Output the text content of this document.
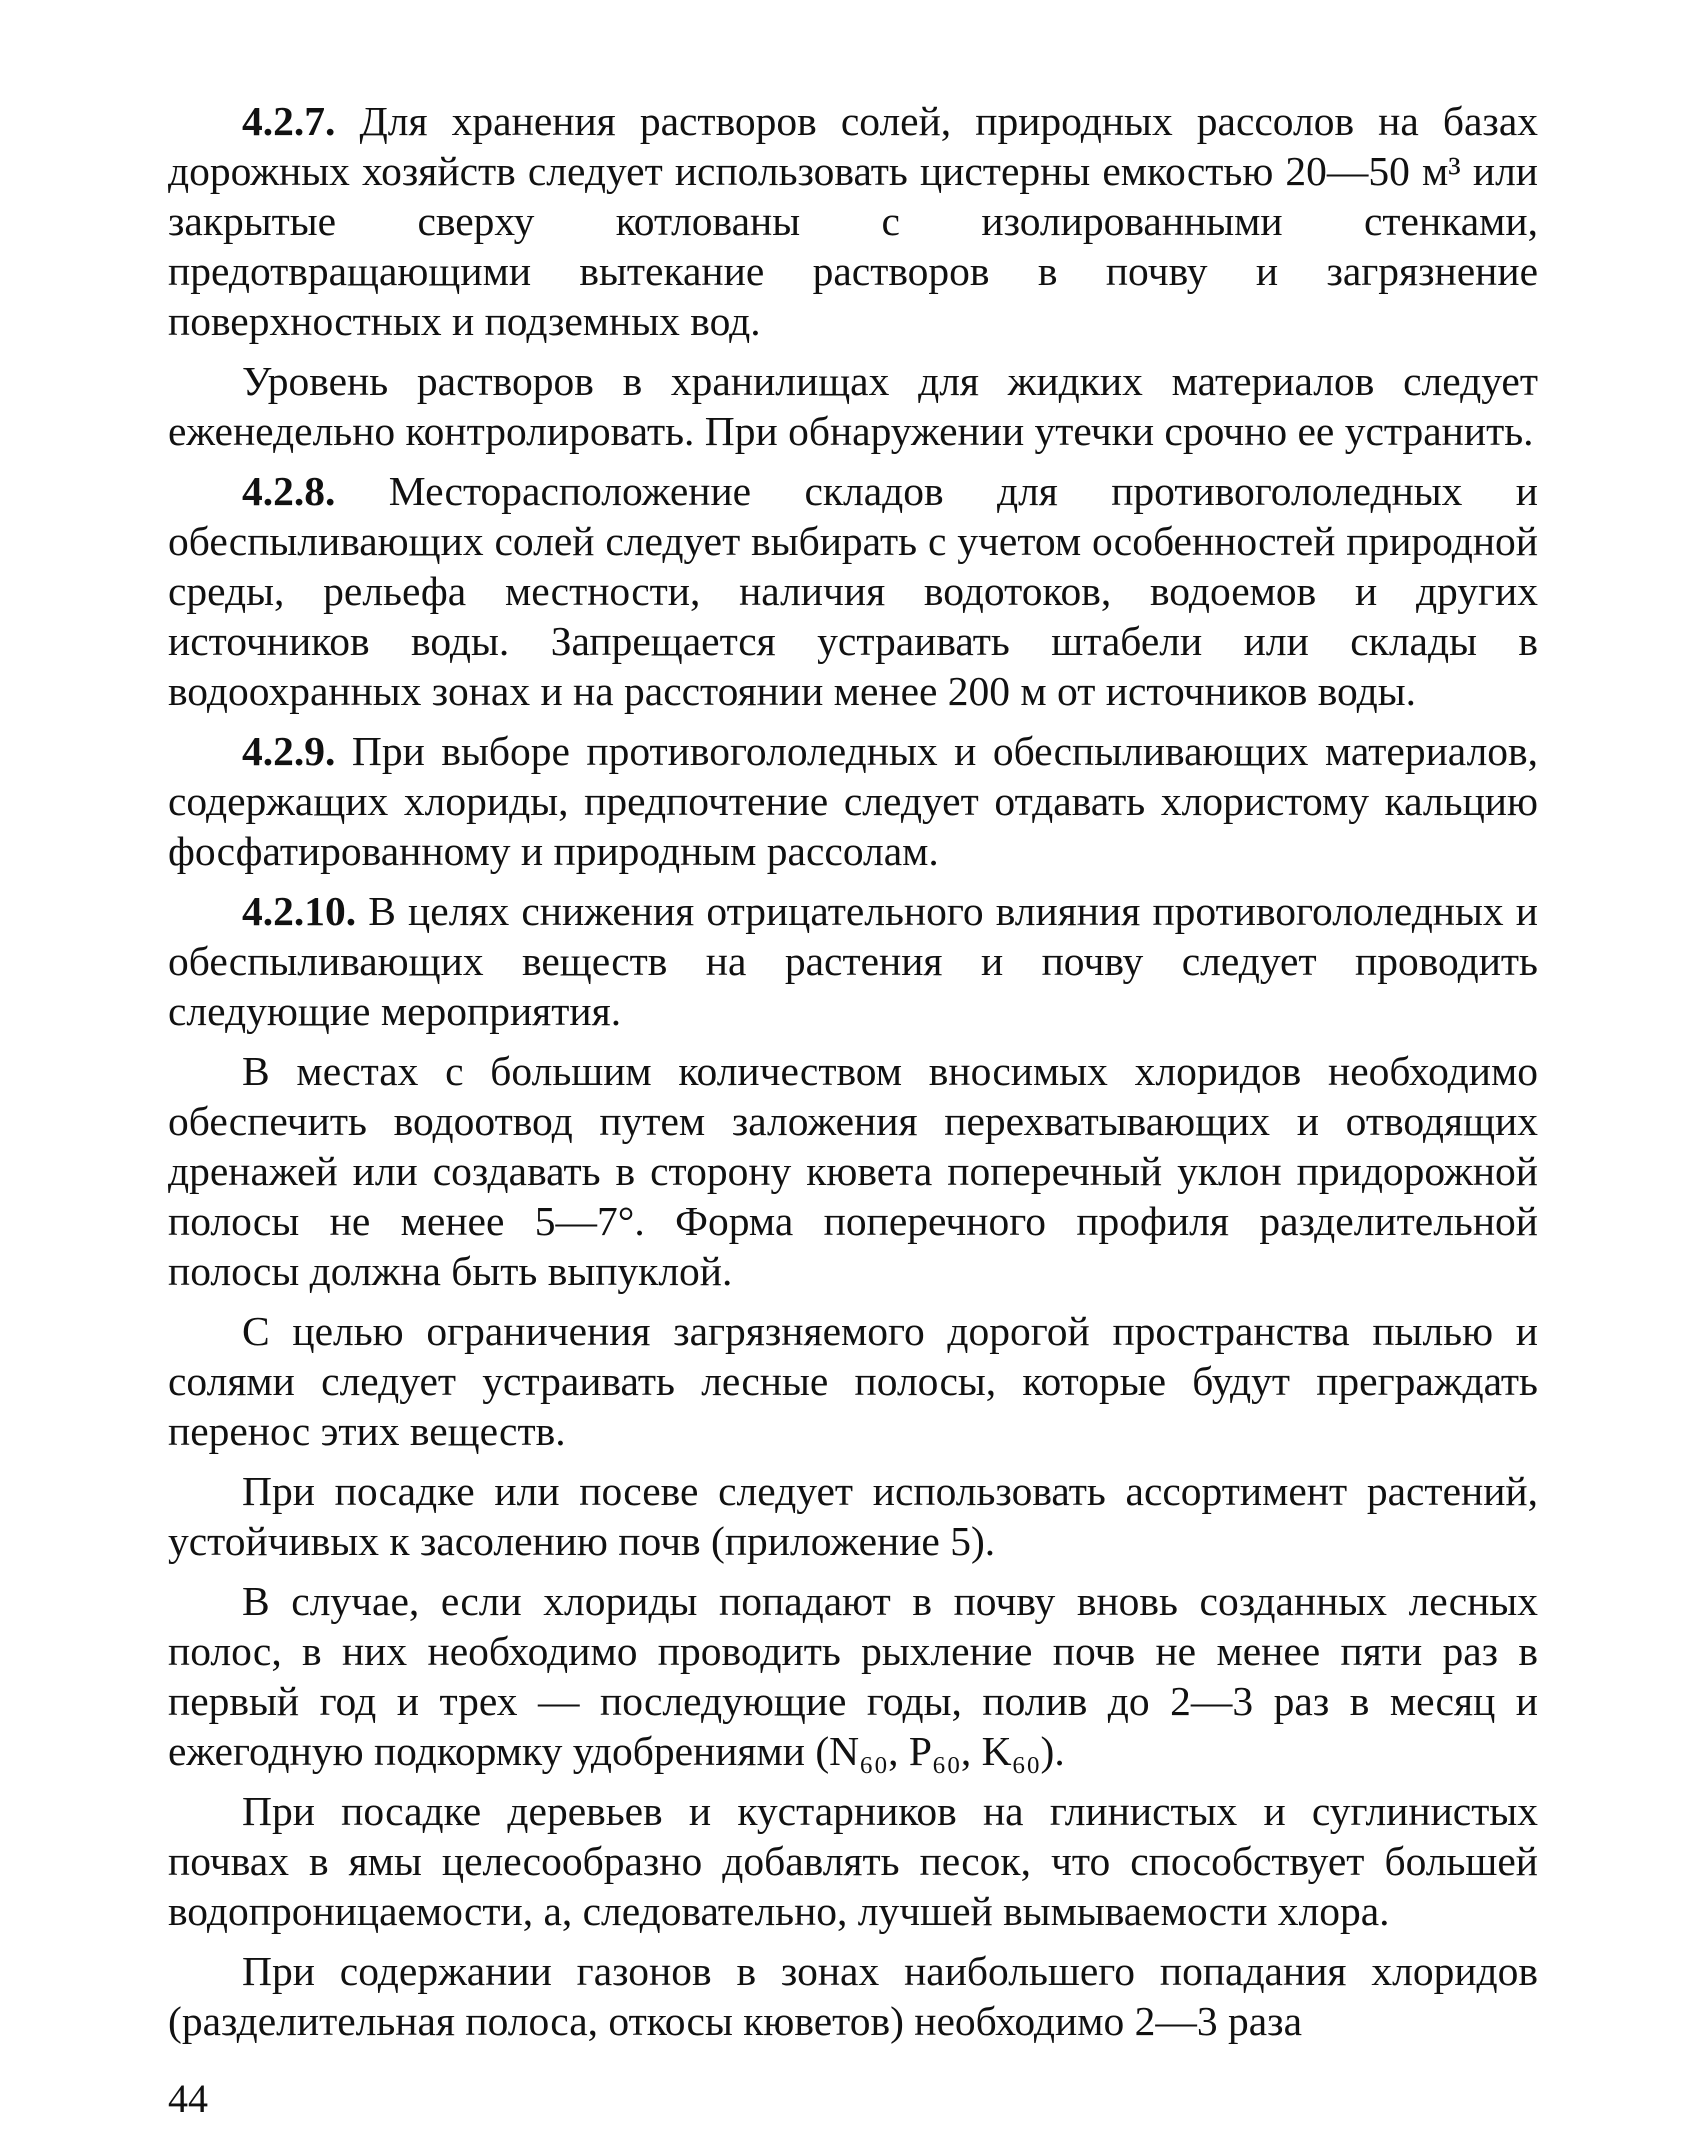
4.2.7. Для хранения растворов солей, природных рассолов на базах дорожных хозяйств следует использовать цистерны емкостью 20—50 м³ или закрытые сверху котлованы с изолированными стенками, предотвращающими вытекание растворов в почву и загрязнение поверхностных и подземных вод.

Уровень растворов в хранилищах для жидких материалов следует еженедельно контролировать. При обнаружении утечки срочно ее устранить.

4.2.8. Месторасположение складов для противогололедных и обеспыливающих солей следует выбирать с учетом особенностей природной среды, рельефа местности, наличия водотоков, водоемов и других источников воды. Запрещается устраивать штабели или склады в водоохранных зонах и на расстоянии менее 200 м от источников воды.

4.2.9. При выборе противогололедных и обеспыливающих материалов, содержащих хлориды, предпочтение следует отдавать хлористому кальцию фосфатированному и природным рассолам.

4.2.10. В целях снижения отрицательного влияния противогололедных и обеспыливающих веществ на растения и почву следует проводить следующие мероприятия.

В местах с большим количеством вносимых хлоридов необходимо обеспечить водоотвод путем заложения перехватывающих и отводящих дренажей или создавать в сторону кювета поперечный уклон придорожной полосы не менее 5—7°. Форма поперечного профиля разделительной полосы должна быть выпуклой.

С целью ограничения загрязняемого дорогой пространства пылью и солями следует устраивать лесные полосы, которые будут преграждать перенос этих веществ.

При посадке или посеве следует использовать ассортимент растений, устойчивых к засолению почв (приложение 5).

В случае, если хлориды попадают в почву вновь созданных лесных полос, в них необходимо проводить рыхление почв не менее пяти раз в первый год и трех — последующие годы, полив до 2—3 раз в месяц и ежегодную подкормку удобрениями (N₆₀, P₆₀, K₆₀).

При посадке деревьев и кустарников на глинистых и суглинистых почвах в ямы целесообразно добавлять песок, что способствует большей водопроницаемости, а, следовательно, лучшей вымываемости хлора.

При содержании газонов в зонах наибольшего попадания хлоридов (разделительная полоса, откосы кюветов) необходимо 2—3 раза

44
